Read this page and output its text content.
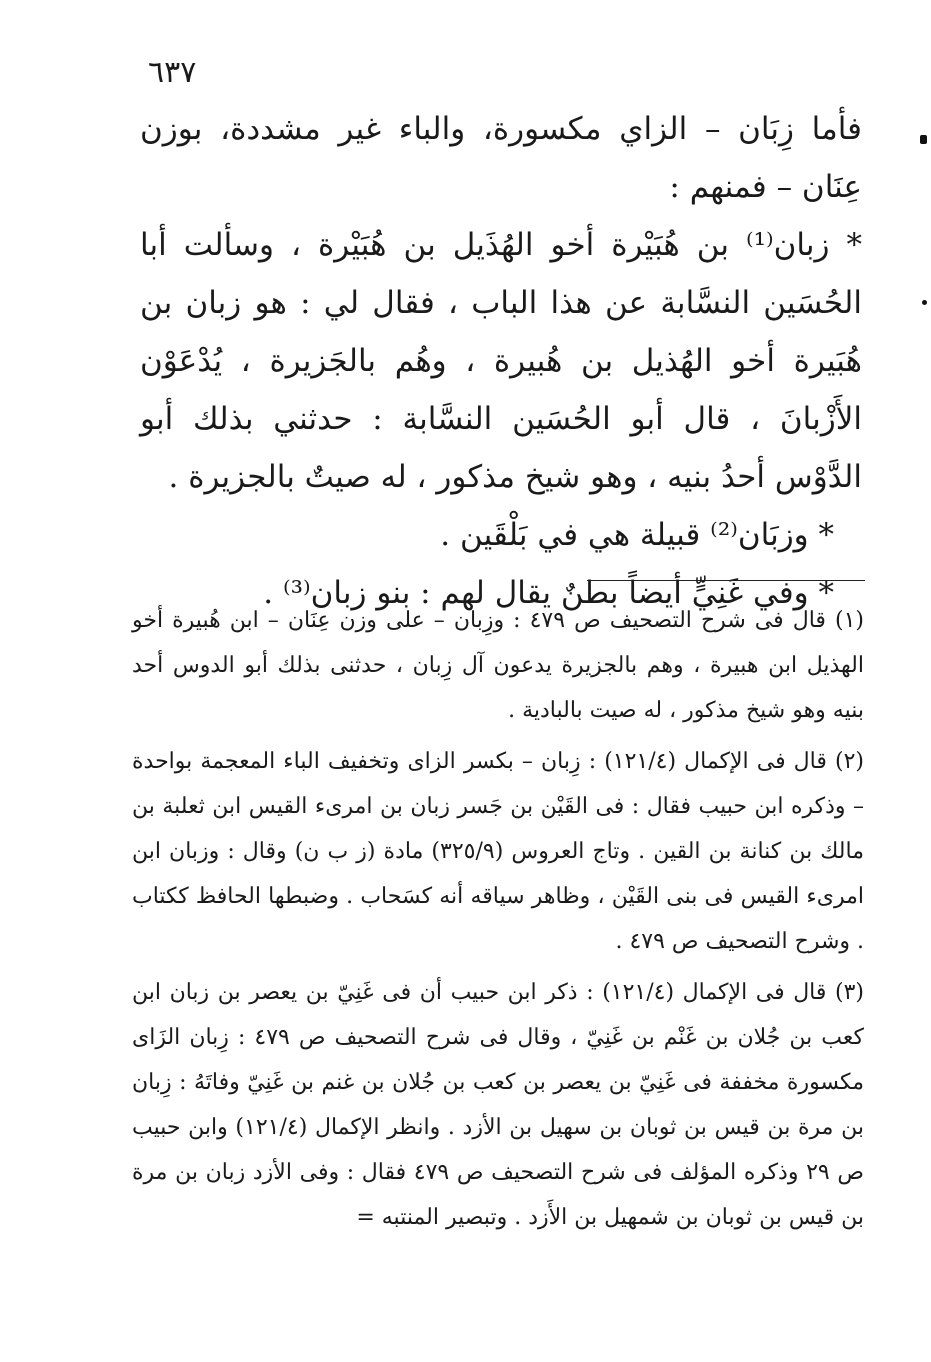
٦٣٧

فأما زِبَان – الزاي مكسورة، والباء غير مشددة، بوزن عِنَان – فمنهم :

* زبان⁽¹⁾ بن هُبَيْرة أخو الهُذَيل بن هُبَيْرة ، وسألت أبا الحُسَين النسَّابة عن هذا الباب ، فقال لي : هو زبان بن هُبَيرة أخو الهُذيل بن هُبيرة ، وهُم بالجَزيرة ، يُدْعَوْن الأَزْبانَ ، قال أبو الحُسَين النسَّابة : حدثني بذلك أبو الدَّوْس أحدُ بنيه ، وهو شيخ مذكور ، له صيتٌ بالجزيرة .

* وزبَان⁽²⁾ قبيلة هي في بَلْقَين .

* وفي غَنِيٍّ أيضاً بطنٌ يقال لهم : بنو زبان⁽³⁾ .

(١) قال فى شرح التصحيف ص ٤٧٩ : وزِبان – على وزن عِنَان – ابن هُبيرة أخو الهذيل ابن هبيرة ، وهم بالجزيرة يدعون آل زِبان ، حدثنى بذلك أبو الدوس أحد بنيه وهو شيخ مذكور ، له صيت بالبادية .

(٢) قال فى الإكمال (١٢١/٤) : زِبان – بكسر الزاى وتخفيف الباء المعجمة بواحدة – وذكره ابن حبيب فقال : فى القَيْن بن جَسر زبان بن امرىء القيس ابن ثعلبة بن مالك بن كنانة بن القين . وتاج العروس (٣٢٥/٩) مادة (ز ب ن) وقال : وزبان ابن امرىء القيس فى بنى القَيْن ، وظاهر سياقه أنه كسَحاب . وضبطها الحافظ ككتاب . وشرح التصحيف ص ٤٧٩ .

(٣) قال فى الإكمال (١٢١/٤) : ذكر ابن حبيب أن فى غَنِيّ بن يعصر بن زبان ابن كعب بن جُلان بن غَنْم بن غَنِيّ ، وقال فى شرح التصحيف ص ٤٧٩ : زِبان الزَاى مكسورة مخففة فى غَنِيّ بن يعصر بن كعب بن جُلان بن غنم بن غَنِيّ وفاتَهُ : زِبان بن مرة بن قيس بن ثوبان بن سهيل بن الأزد . وانظر الإكمال (١٢١/٤) وابن حبيب ص ٢٩ وذكره المؤلف فى شرح التصحيف ص ٤٧٩ فقال : وفى الأزد زبان بن مرة بن قيس بن ثوبان بن شمهيل بن الأَزد . وتبصير المنتبه =
